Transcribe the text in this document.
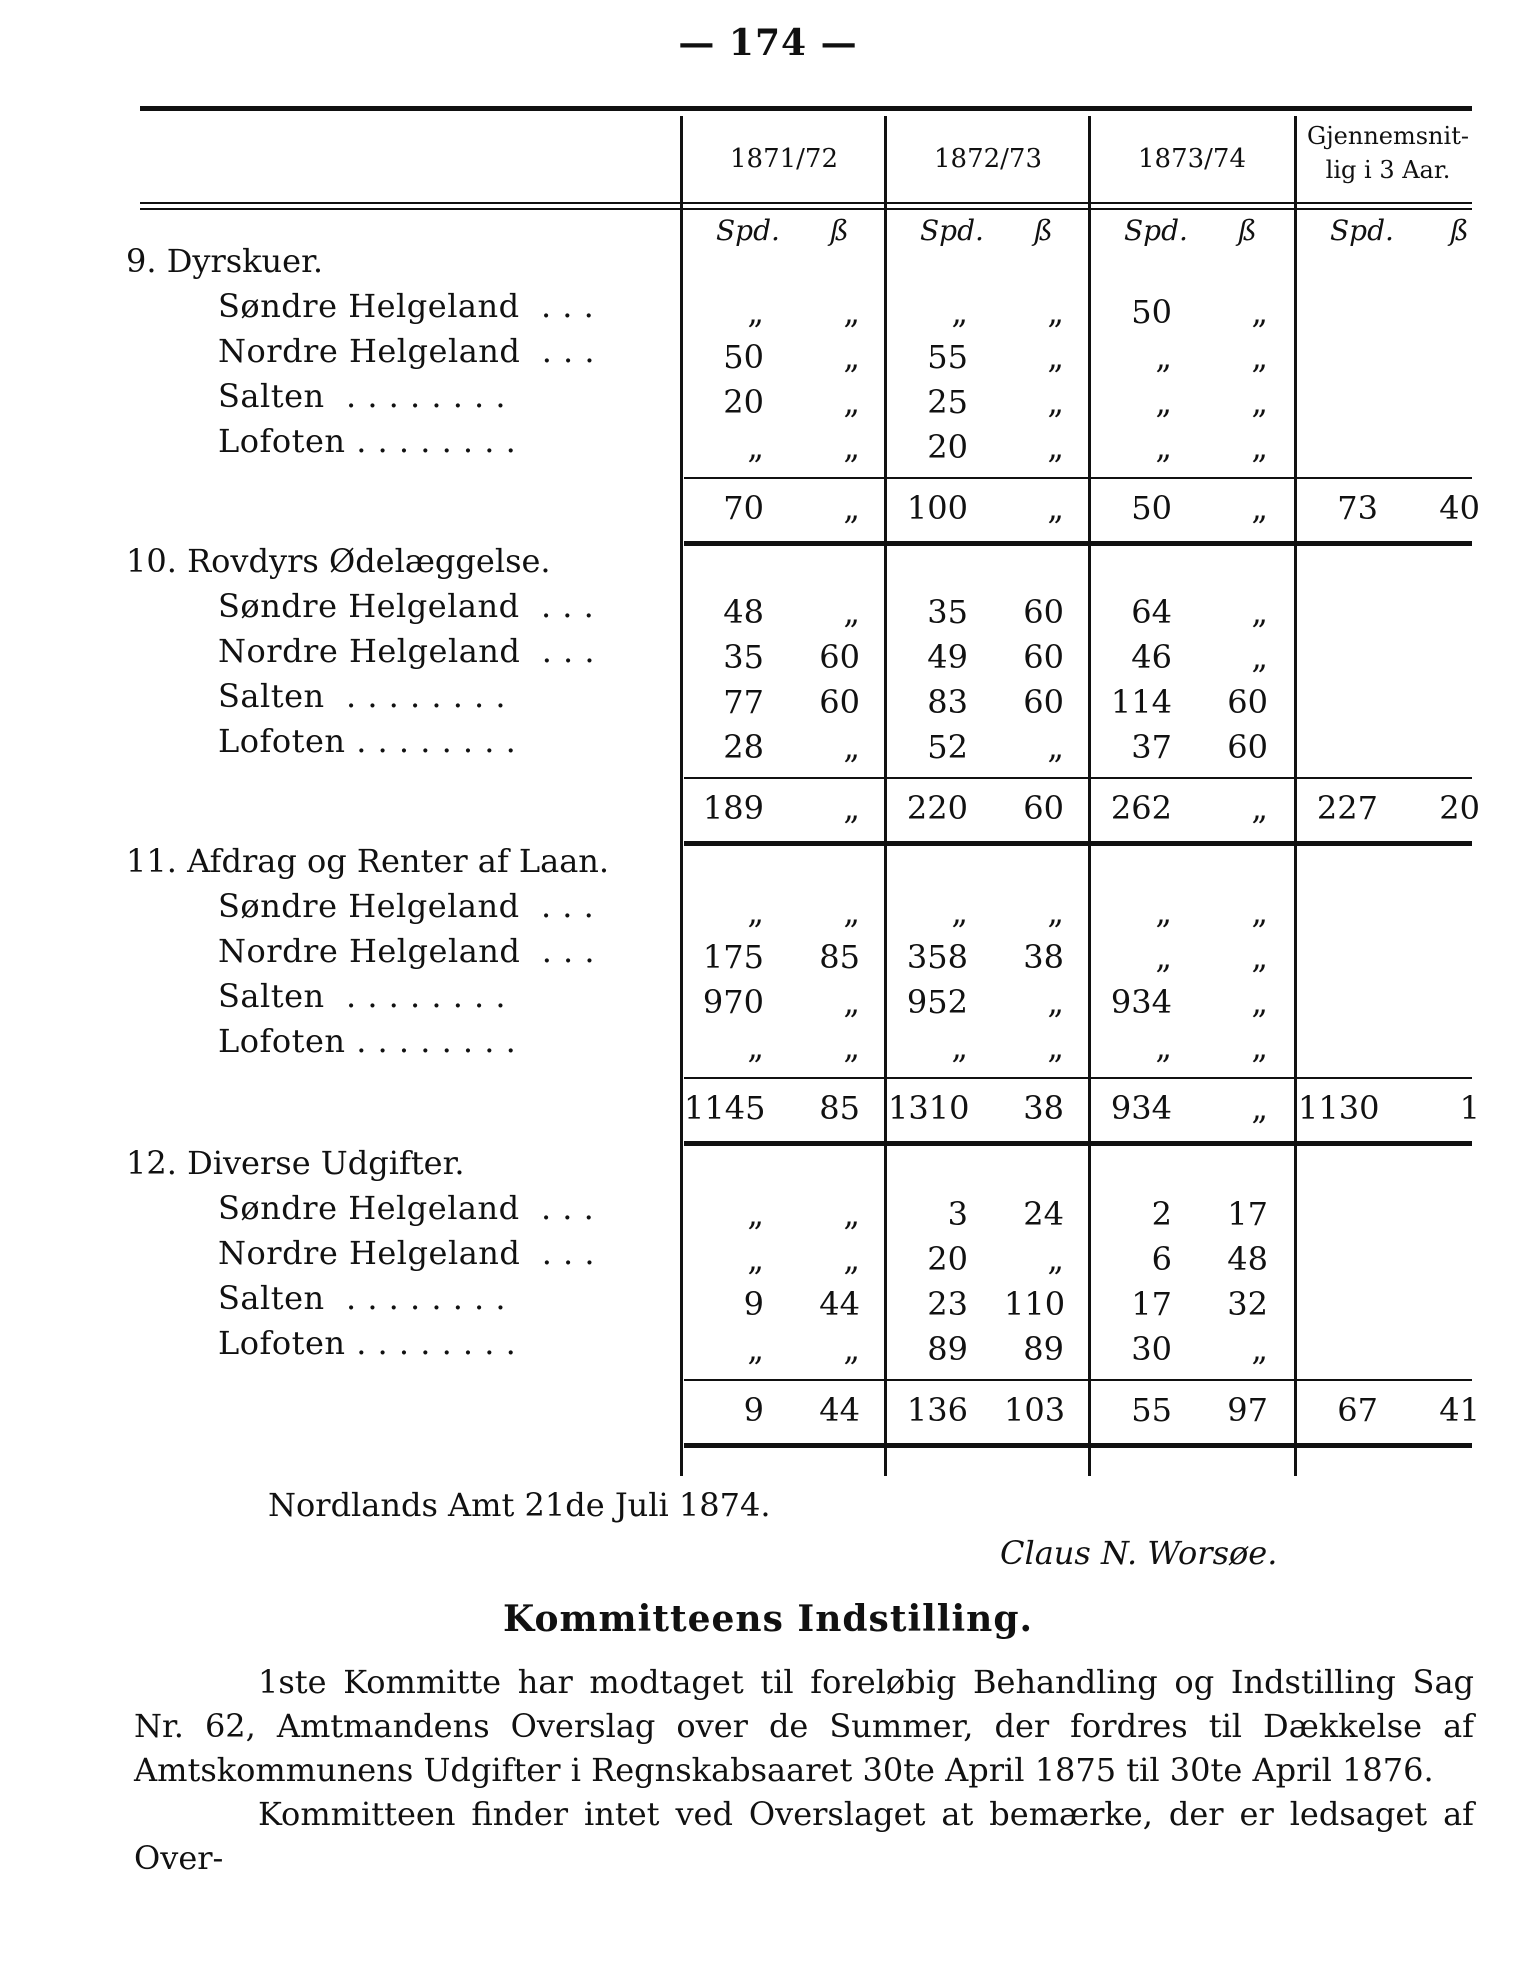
— 174 —
1871/72	1872/73	1873/74
Gjennemsnit-
lig i 3 Aar.
Spd. ß	Spd. ß	Spd. ß	Spd. ß
9. Dyrskuer.
Søndre Helgeland  . . .	„	„	„	„	50	„
Nordre Helgeland  . . .	50	„	55	„	„	„
Salten  . . . . . . . .	20	„	25	„	„	„
Lofoten . . . . . . . .	„	„	20	„	„	„
70	„	100	„	50	„	73	40
10. Rovdyrs Ødelæggelse.
Søndre Helgeland  . . .	48	„	35	60	64	„
Nordre Helgeland  . . .	35	60	49	60	46	„
Salten  . . . . . . . .	77	60	83	60	114	60
Lofoten . . . . . . . .	28	„	52	„	37	60
189	„	220	60	262	„	227	20
11. Afdrag og Renter af Laan.
Søndre Helgeland  . . .	„	„	„	„	„	„
Nordre Helgeland  . . .	175	85	358	38	„	„
Salten  . . . . . . . .	970	„	952	„	934	„
Lofoten . . . . . . . .	„	„	„	„	„	„
1145	85 1310	38	934	„ 1130	1
12. Diverse Udgifter.
Søndre Helgeland  . . .	„	„	3	24	2	17
Nordre Helgeland  . . .	„	„	20	„	6	48
Salten  . . . . . . . .	9	44	23 110	17	32
Lofoten . . . . . . . .	„	„	89	89	30	„
9	44	136 103	55	97	67	41
Nordlands Amt 21de Juli 1874.
Claus N. Worsøe.
Kommitteens Indstilling.
1ste Kommitte har modtaget til foreløbig Behandling og Indstilling Sag Nr. 62, Amtmandens Overslag over de Summer, der fordres til Dækkelse af Amtskommunens Udgifter i Regnskabsaaret 30te April 1875 til 30te April 1876.
Kommitteen finder intet ved Overslaget at bemærke, der er ledsaget af Over-
